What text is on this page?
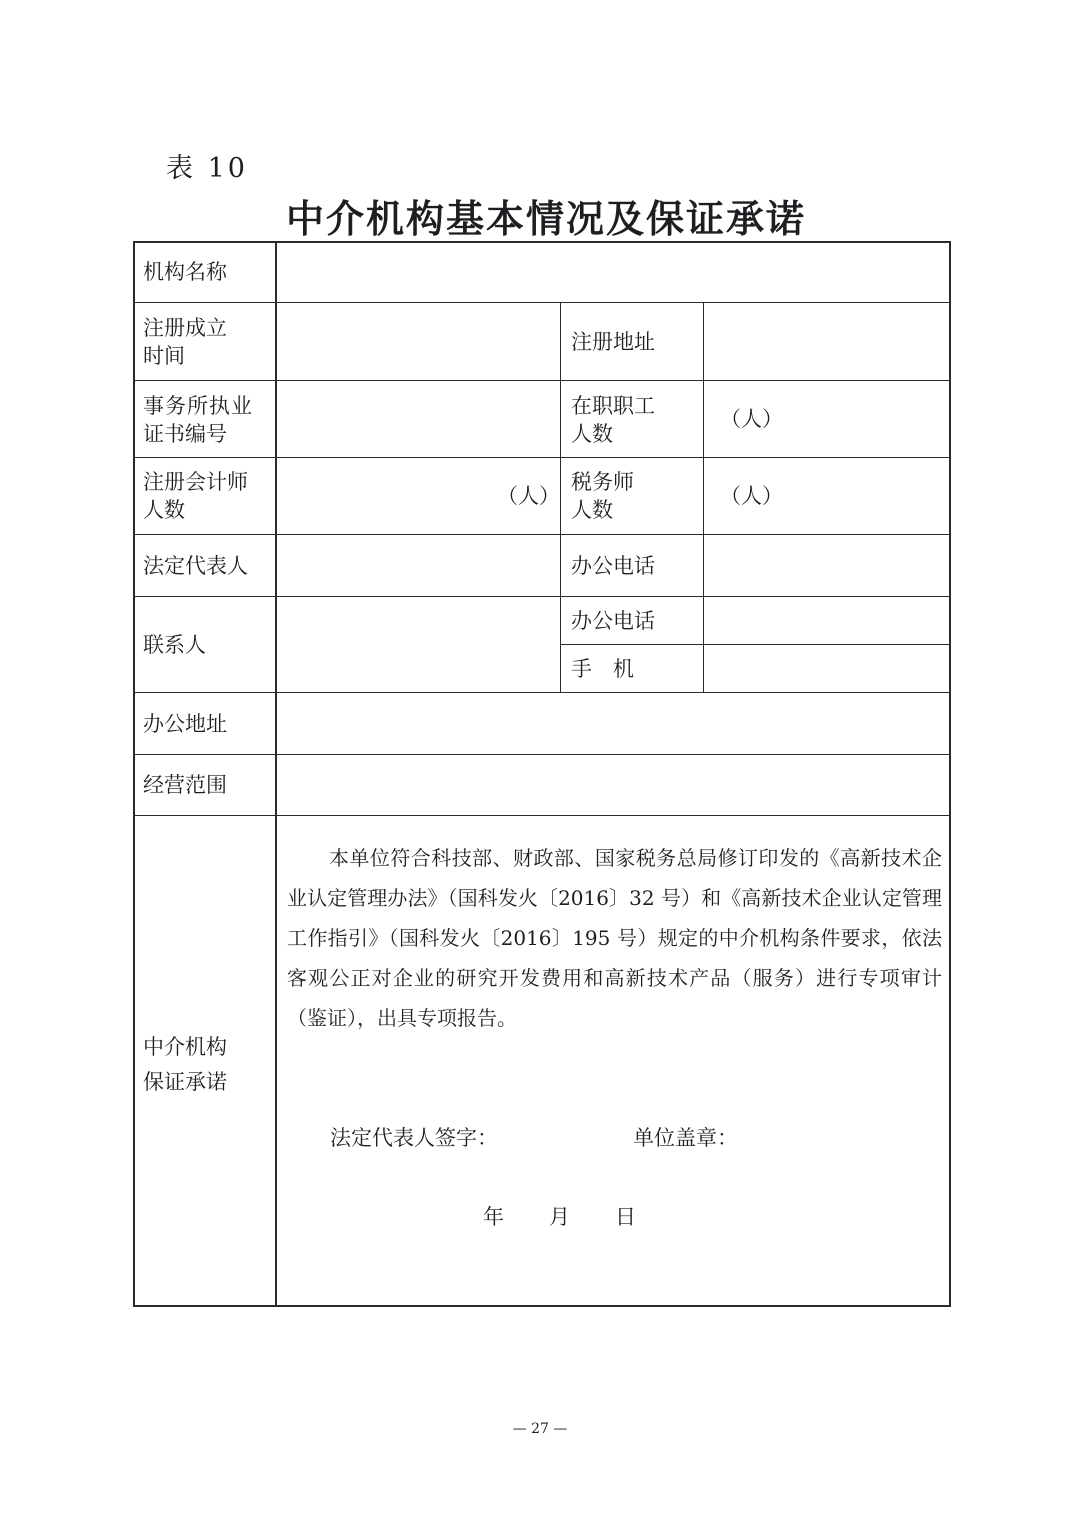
表 10
中介机构基本情况及保证承诺
机构名称
注册成立
时间
注册地址
事务所执业
证书编号
在职职工
人数
（人）
注册会计师
人数
（人）
税务师
人数
（人）
法定代表人	办公电话
联系人
办公电话
手　机
办公地址
经营范围
中介机构
保证承诺
本单位符合科技部、财政部、国家税务总局修订印发的《高新技术企业认定管理办法》（国科发火〔2016〕32 号）和《高新技术企业认定管理工作指引》（国科发火〔2016〕195 号）规定的中介机构条件要求，依法客观公正对企业的研究开发费用和高新技术产品（服务）进行专项审计（鉴证），出具专项报告。
法定代表人签字：	单位盖章：
年 月 日
— 27 —
